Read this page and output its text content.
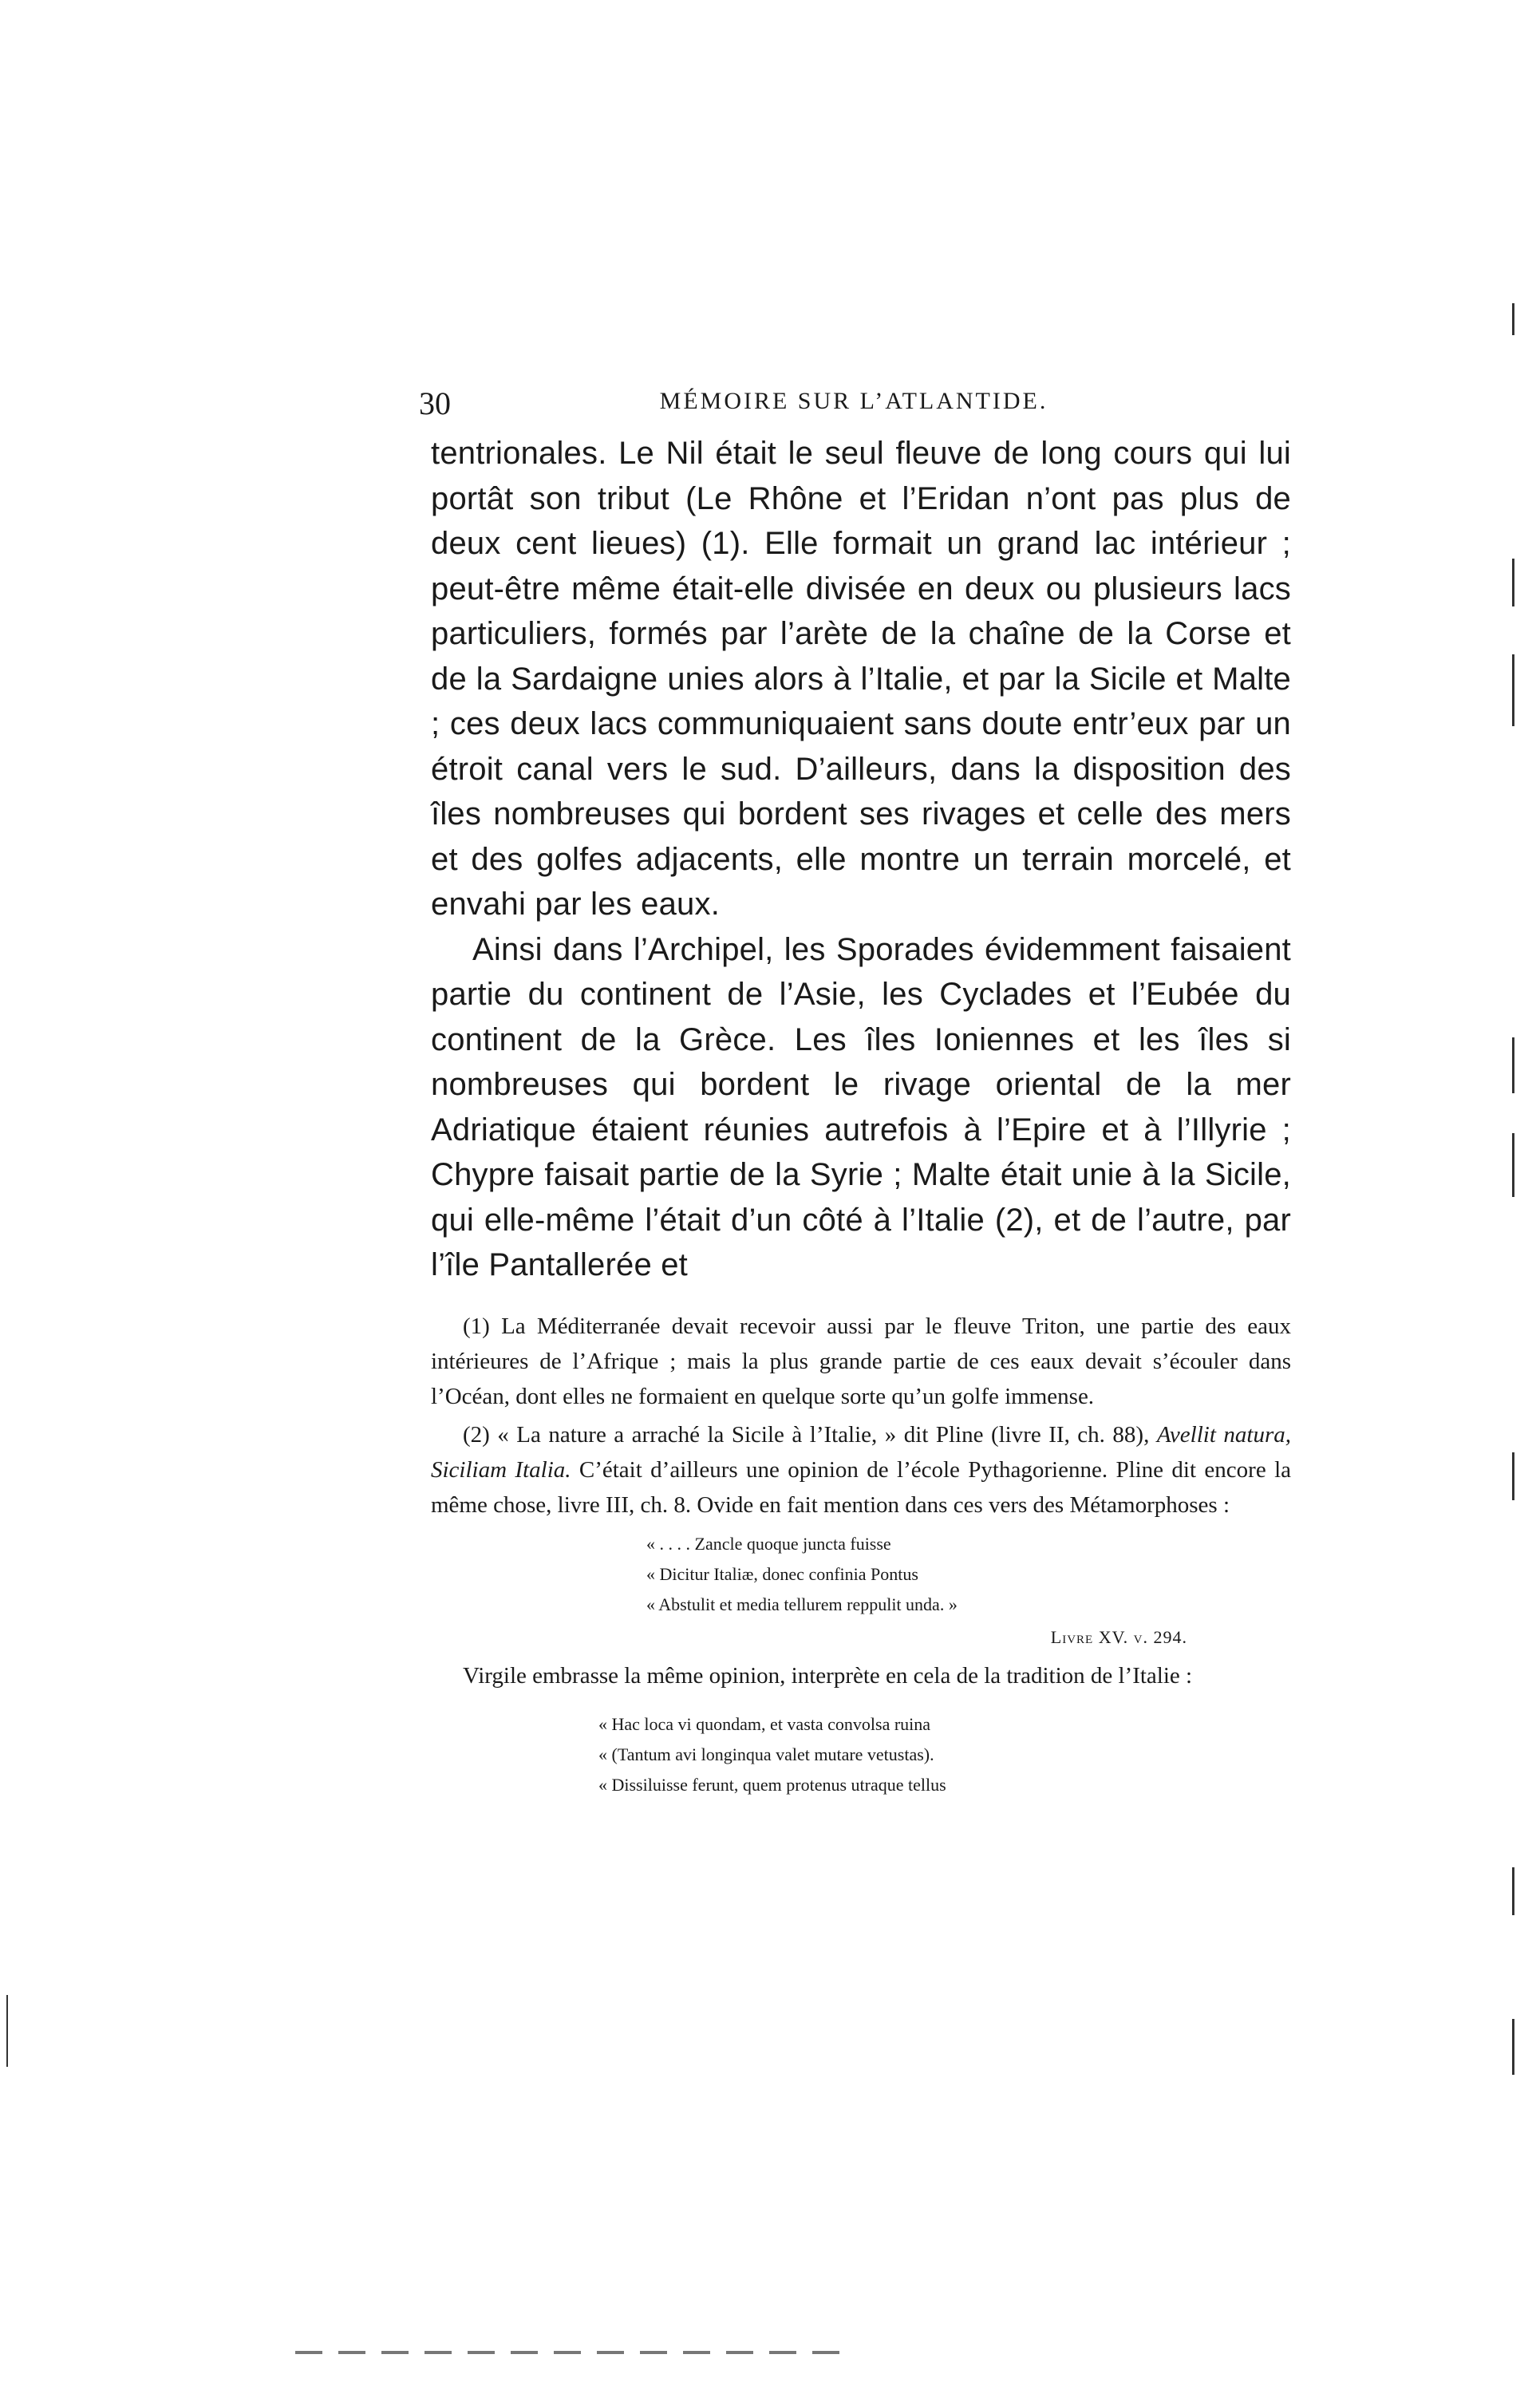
30	MÉMOIRE SUR L’ATLANTIDE.

tentrionales. Le Nil était le seul fleuve de long cours qui lui portât son tribut (Le Rhône et l’Eridan n’ont pas plus de deux cent lieues) (1). Elle formait un grand lac intérieur ; peut-être même était-elle divisée en deux ou plusieurs lacs particuliers, formés par l’arète de la chaîne de la Corse et de la Sardaigne unies alors à l’Italie, et par la Sicile et Malte ; ces deux lacs communiquaient sans doute entr’eux par un étroit canal vers le sud. D’ailleurs, dans la disposition des îles nombreuses qui bordent ses rivages et celle des mers et des golfes adjacents, elle montre un terrain morcelé, et envahi par les eaux.

Ainsi dans l’Archipel, les Sporades évidemment faisaient partie du continent de l’Asie, les Cyclades et l’Eubée du continent de la Grèce. Les îles Ioniennes et les îles si nombreuses qui bordent le rivage oriental de la mer Adriatique étaient réunies autrefois à l’Epire et à l’Illyrie ; Chypre faisait partie de la Syrie ; Malte était unie à la Sicile, qui elle-même l’était d’un côté à l’Italie (2), et de l’autre, par l’île Pantallerée et

(1) La Méditerranée devait recevoir aussi par le fleuve Triton, une partie des eaux intérieures de l’Afrique ; mais la plus grande partie de ces eaux devait s’écouler dans l’Océan, dont elles ne formaient en quelque sorte qu’un golfe immense.

(2) « La nature a arraché la Sicile à l’Italie, » dit Pline (livre II, ch. 88), Avellit natura, Siciliam Italia. C’était d’ailleurs une opinion de l’école Pythagorienne. Pline dit encore la même chose, livre III, ch. 8. Ovide en fait mention dans ces vers des Métamorphoses :

« . . . . Zancle quoque juncta fuisse
« Dicitur Italiæ, donec confinia Pontus
« Abstulit et media tellurem reppulit unda. »

Livre XV. v. 294.

Virgile embrasse la même opinion, interprète en cela de la tradition de l’Italie :

« Hac loca vi quondam, et vasta convolsa ruina
« (Tantum avi longinqua valet mutare vetustas).
« Dissiluisse ferunt, quem protenus utraque tellus
